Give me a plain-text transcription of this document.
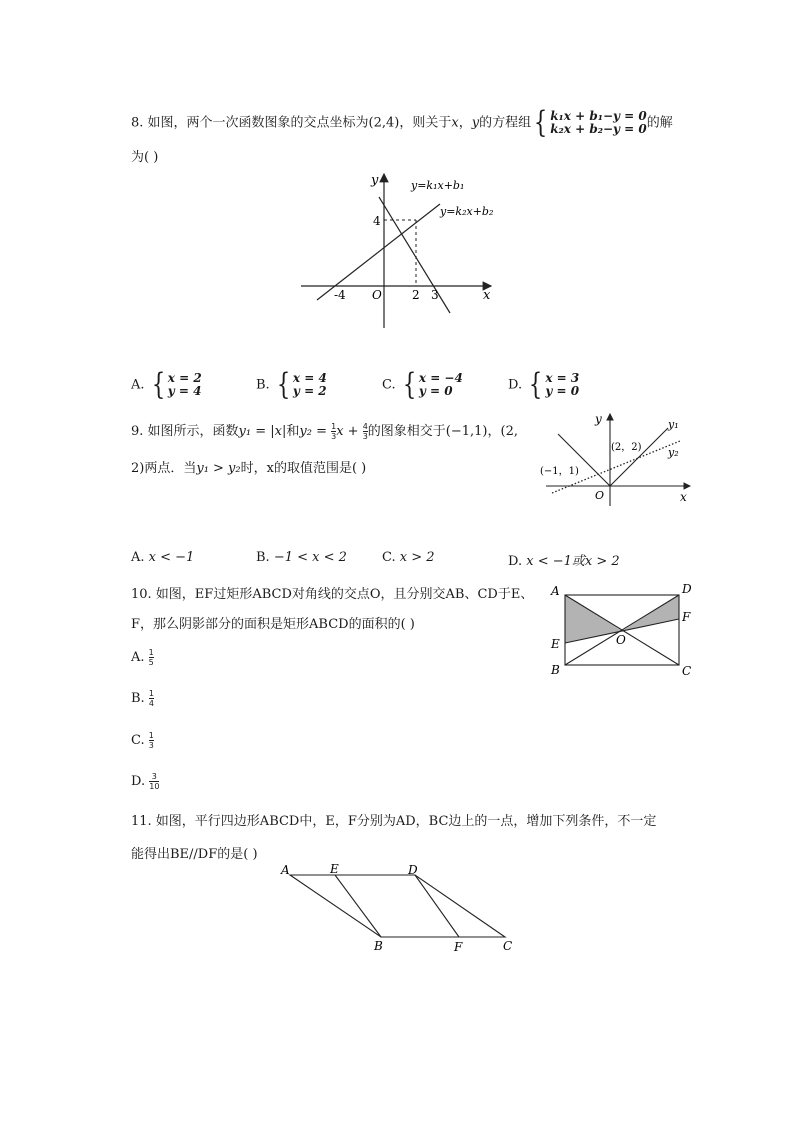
8. 如图，两个一次函数图象的交点坐标为(2,4)，则关于x，y的方程组{ k₁x + b₁−y = 0
k₂x + b₂−y = 0的解
为( )
y
x
O
y=k₁x+b₁
y=k₂x+b₂
4
-4	2 3
A. { x = 2
y = 4	B. { x = 4
y = 2	C. { x = −4
y = 0	D. { x = 3
y = 0
9. 如图所示，函数y₁ = |x|和$y_2 = \frac{1}{3}$ $x + \frac{4}{3}$ 的图象相交于(−1,1)，(2,
2)两点．当y₁ > y₂时，x的取值范围是( )
y
x
O
y₁
y₂
(−1，1)
(2，2)
A. x < −1	B. −1 < x < 2	C. x > 2	D. x < −1或x > 2
10. 如图，EF过矩形ABCD对角线的交点O，且分别交AB、CD于E、
F，那么阴影部分的面积是矩形ABCD的面积的( )
A	D
F
E	O
B	C
A. $\frac{1}{5}$
B. $\frac{1}{4}$
C. $\frac{1}{3}$
D. $\frac{3}{10}$
11. 如图，平行四边形ABCD中，E，F分别为AD，BC边上的一点，增加下列条件，不一定
能得出BE//DF的是( )
A	E	D
B	F	C
